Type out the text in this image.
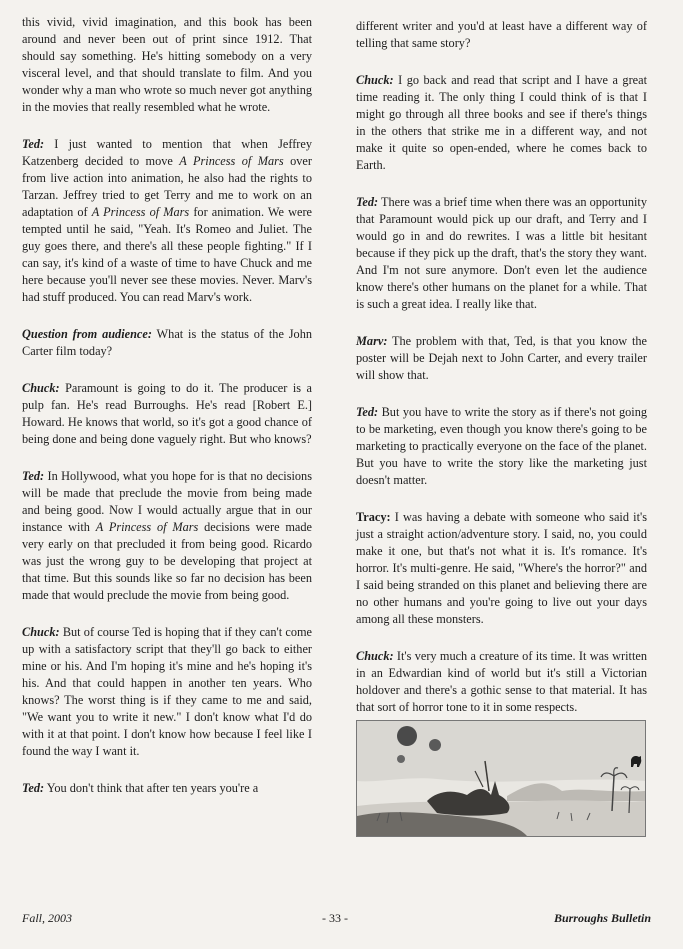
this vivid, vivid imagination, and this book has been around and never been out of print since 1912. That should say something. He's hitting somebody on a very visceral level, and that should translate to film. And you wonder why a man who wrote so much never got anything in the movies that really resembled what he wrote.

Ted: I just wanted to mention that when Jeffrey Katzenberg decided to move A Princess of Mars over from live action into animation, he also had the rights to Tarzan. Jeffrey tried to get Terry and me to work on an adaptation of A Princess of Mars for animation. We were tempted until he said, "Yeah. It's Romeo and Juliet. The guy goes there, and there's all these people fighting." If I can say, it's kind of a waste of time to have Chuck and me here because you'll never see these movies. Never. Marv's had stuff produced. You can read Marv's work.

Question from audience: What is the status of the John Carter film today?

Chuck: Paramount is going to do it. The producer is a pulp fan. He's read Burroughs. He's read [Robert E.] Howard. He knows that world, so it's got a good chance of being done and being done vaguely right. But who knows?

Ted: In Hollywood, what you hope for is that no decisions will be made that preclude the movie from being made and being good. Now I would actually argue that in our instance with A Princess of Mars decisions were made very early on that precluded it from being good. Ricardo was just the wrong guy to be developing that project at that time. But this sounds like so far no decision has been made that would preclude the movie from being good.

Chuck: But of course Ted is hoping that if they can't come up with a satisfactory script that they'll go back to either mine or his. And I'm hoping it's mine and he's hoping it's his. And that could happen in another ten years. Who knows? The worst thing is if they came to me and said, "We want you to write it new." I don't know what I'd do with it at that point. I don't know how because I feel like I found the way I want it.

Ted: You don't think that after ten years you're a

different writer and you'd at least have a different way of telling that same story?

Chuck: I go back and read that script and I have a great time reading it. The only thing I could think of is that I might go through all three books and see if there's things in the others that strike me in a different way, and not make it quite so open-ended, where he comes back to Earth.

Ted: There was a brief time when there was an opportunity that Paramount would pick up our draft, and Terry and I would go in and do rewrites. I was a little bit hesitant because if they pick up the draft, that's the story they want. And I'm not sure anymore. Don't even let the audience know there's other humans on the planet for a while. That is such a great idea. I really like that.

Marv: The problem with that, Ted, is that you know the poster will be Dejah next to John Carter, and every trailer will show that.

Ted: But you have to write the story as if there's not going to be marketing, even though you know there's going to be marketing to practically everyone on the face of the planet. But you have to write the story like the marketing just doesn't matter.

Tracy: I was having a debate with someone who said it's just a straight action/adventure story. I said, no, you could make it one, but that's not what it is. It's romance. It's horror. It's multi-genre. He said, "Where's the horror?" and I said being stranded on this planet and believing there are no other humans and you're going to live out your days among all these monsters.

Chuck: It's very much a creature of its time. It was written in an Edwardian kind of world but it's still a Victorian holdover and there's a gothic sense to that material. It has that sort of horror tone to it in some respects.

Fall, 2003	- 33 -	Burroughs Bulletin
